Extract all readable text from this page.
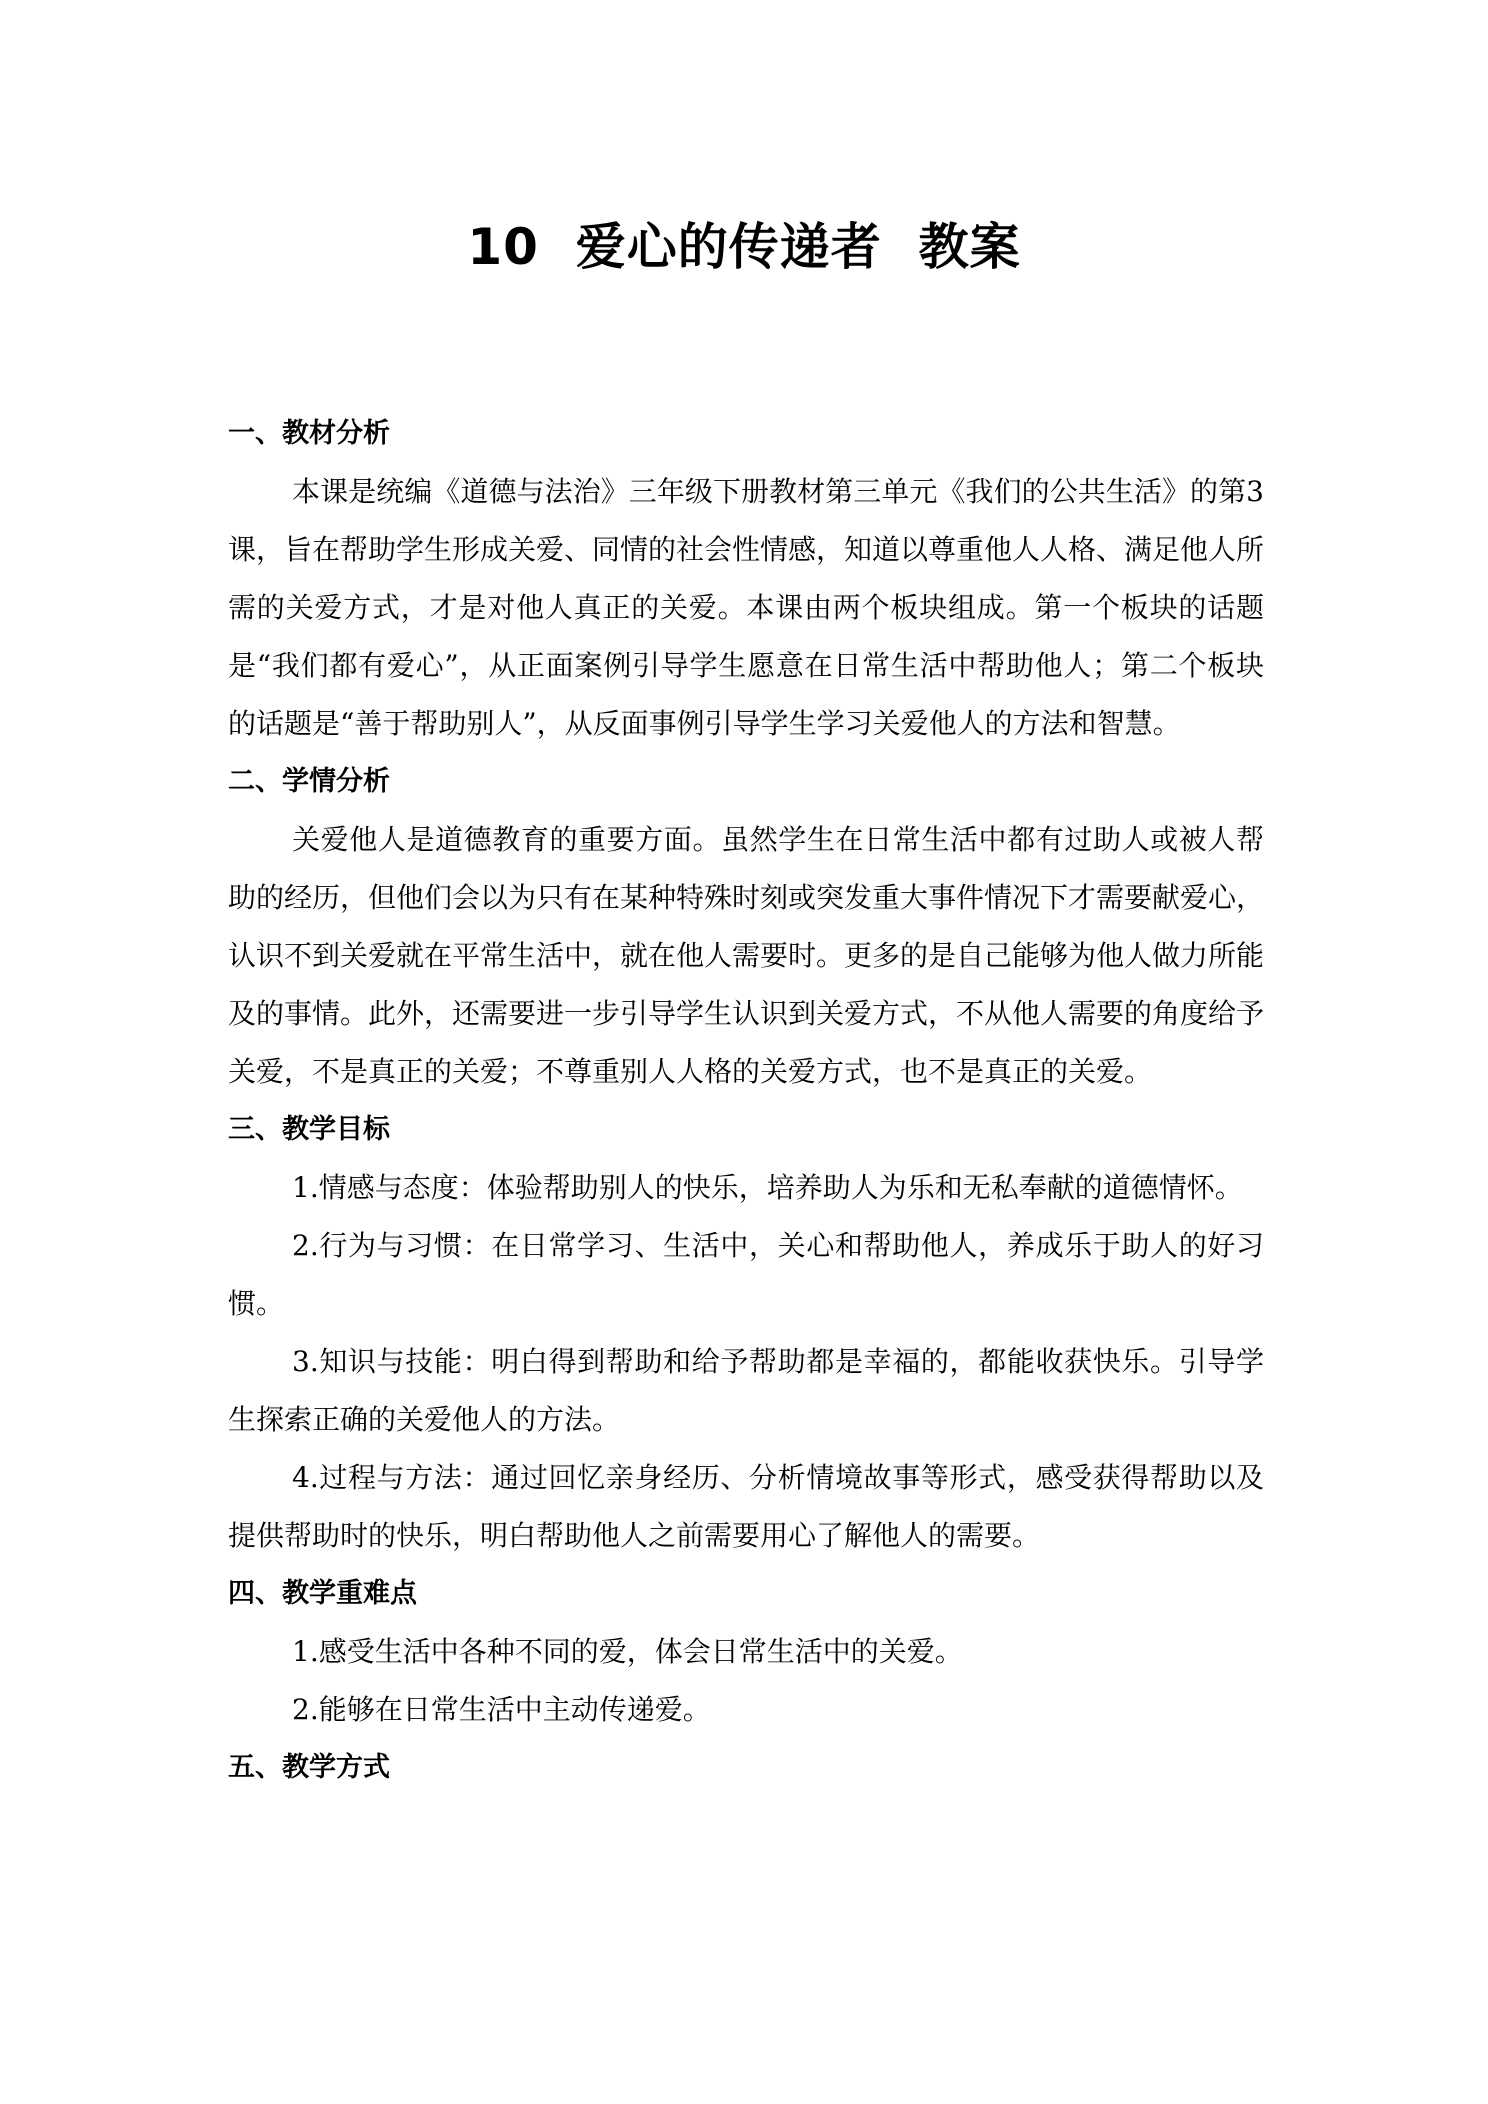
10  爱心的传递者  教案
一、教材分析

本课是统编《道德与法治》三年级下册教材第三单元《我们的公共生活》的第3课，旨在帮助学生形成关爱、同情的社会性情感，知道以尊重他人人格、满足他人所需的关爱方式，才是对他人真正的关爱。本课由两个板块组成。第一个板块的话题是“我们都有爱心”，从正面案例引导学生愿意在日常生活中帮助他人；第二个板块的话题是“善于帮助别人”，从反面事例引导学生学习关爱他人的方法和智慧。

二、学情分析

关爱他人是道德教育的重要方面。虽然学生在日常生活中都有过助人或被人帮助的经历，但他们会以为只有在某种特殊时刻或突发重大事件情况下才需要献爱心，认识不到关爱就在平常生活中，就在他人需要时。更多的是自己能够为他人做力所能及的事情。此外，还需要进一步引导学生认识到关爱方式，不从他人需要的角度给予关爱，不是真正的关爱；不尊重别人人格的关爱方式，也不是真正的关爱。

三、教学目标

1.情感与态度：体验帮助别人的快乐，培养助人为乐和无私奉献的道德情怀。

2.行为与习惯：在日常学习、生活中，关心和帮助他人，养成乐于助人的好习惯。

3.知识与技能：明白得到帮助和给予帮助都是幸福的，都能收获快乐。引导学生探索正确的关爱他人的方法。

4.过程与方法：通过回忆亲身经历、分析情境故事等形式，感受获得帮助以及提供帮助时的快乐，明白帮助他人之前需要用心了解他人的需要。

四、教学重难点

1.感受生活中各种不同的爱，体会日常生活中的关爱。

2.能够在日常生活中主动传递爱。

五、教学方式
